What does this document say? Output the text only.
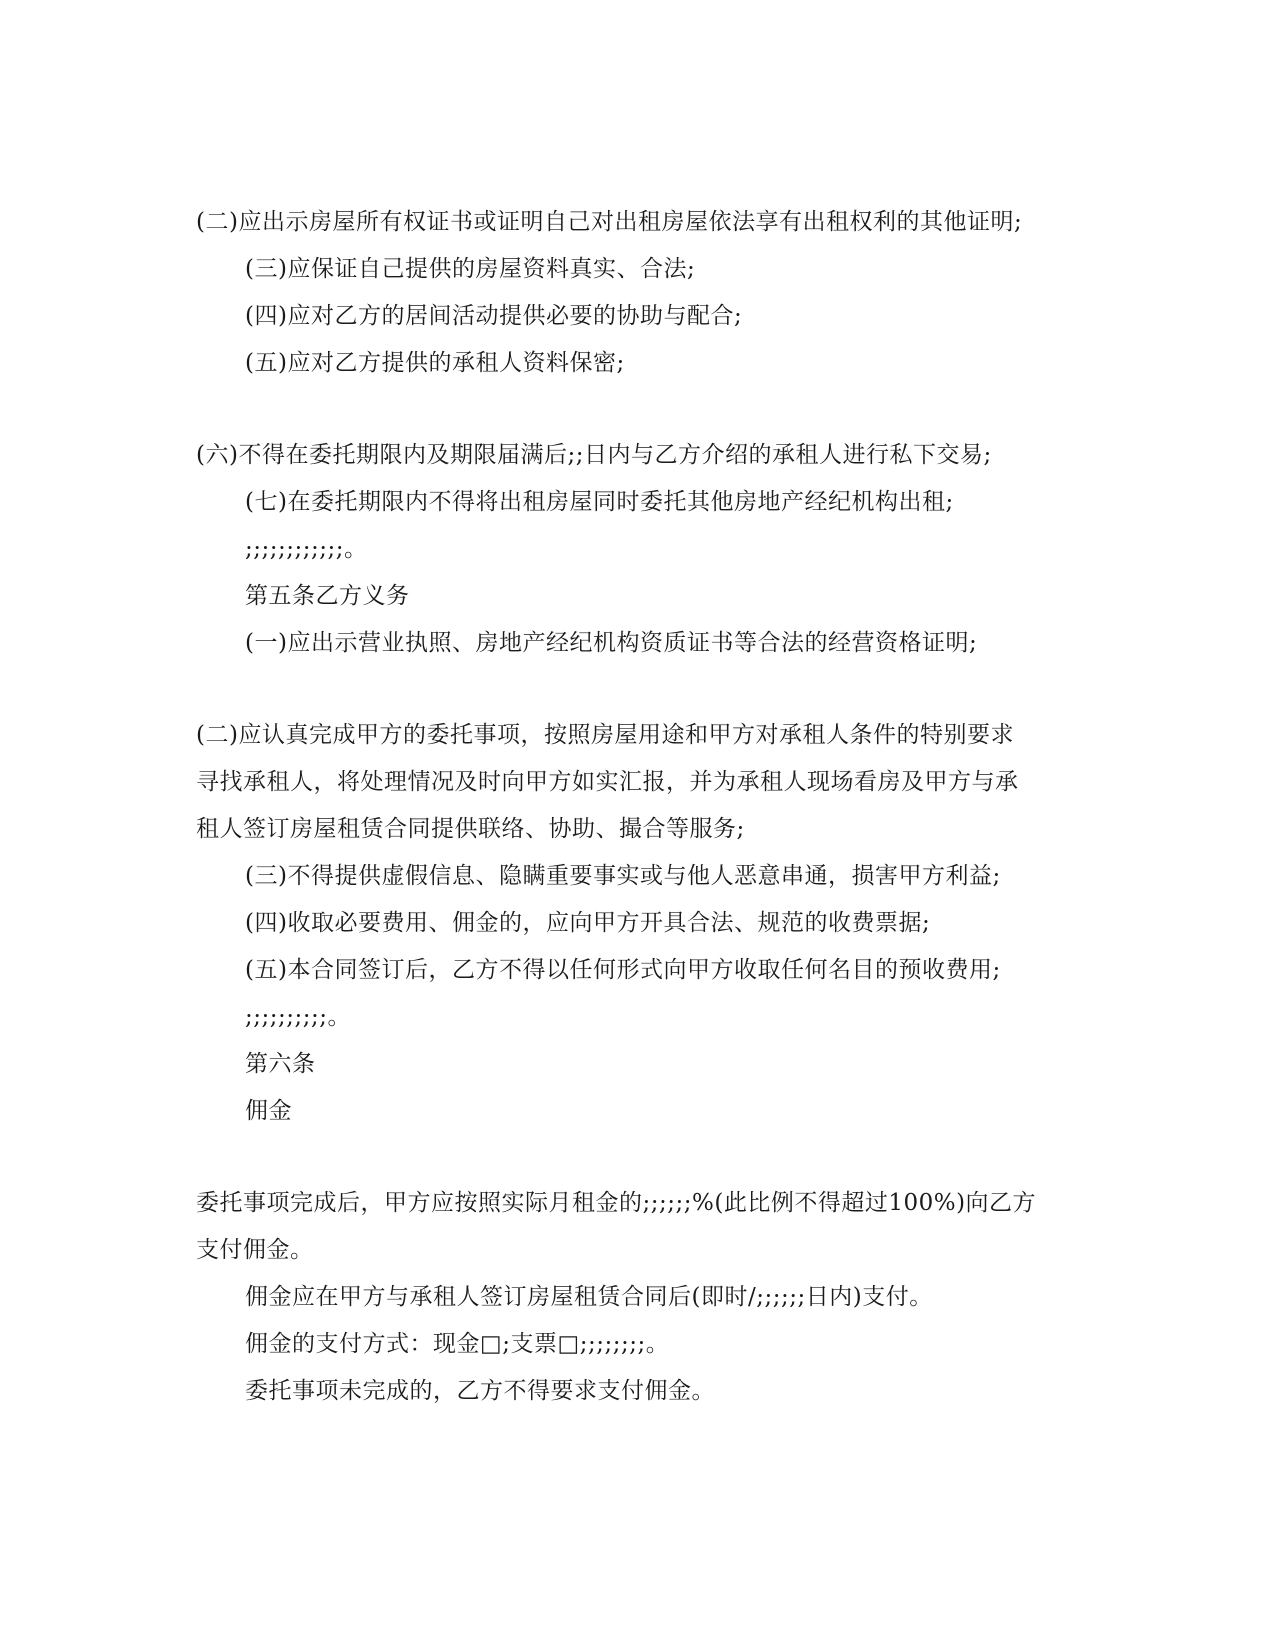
(二)应出示房屋所有权证书或证明自己对出租房屋依法享有出租权利的其他证明;
(三)应保证自己提供的房屋资料真实、合法;
(四)应对乙方的居间活动提供必要的协助与配合;
(五)应对乙方提供的承租人资料保密;
(六)不得在委托期限内及期限届满后;;日内与乙方介绍的承租人进行私下交易;
(七)在委托期限内不得将出租房屋同时委托其他房地产经纪机构出租;
;;;;;;;;;;;;。
第五条乙方义务
(一)应出示营业执照、房地产经纪机构资质证书等合法的经营资格证明;
(二)应认真完成甲方的委托事项，按照房屋用途和甲方对承租人条件的特别要求
寻找承租人，将处理情况及时向甲方如实汇报，并为承租人现场看房及甲方与承
租人签订房屋租赁合同提供联络、协助、撮合等服务;
(三)不得提供虚假信息、隐瞒重要事实或与他人恶意串通，损害甲方利益;
(四)收取必要费用、佣金的，应向甲方开具合法、规范的收费票据;
(五)本合同签订后，乙方不得以任何形式向甲方收取任何名目的预收费用;
;;;;;;;;;;。
第六条
佣金
委托事项完成后，甲方应按照实际月租金的;;;;;;%(此比例不得超过100%)向乙方
支付佣金。
佣金应在甲方与承租人签订房屋租赁合同后(即时/;;;;;;日内)支付。
佣金的支付方式：现金□;支票□;;;;;;;;。
委托事项未完成的，乙方不得要求支付佣金。
